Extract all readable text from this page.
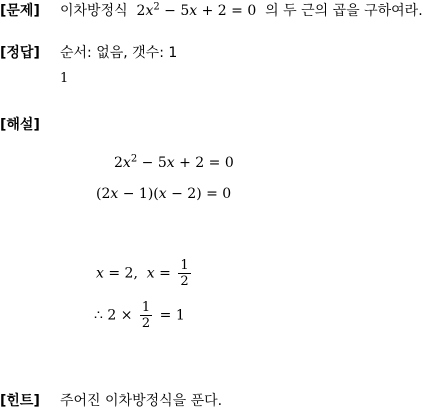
[문제] 이차방정식  $2x^2 - 5x + 2 = 0$  의 두 근의 곱을 구하여라.
[정답] 순서: 없음, 갯수: 1
1
[해설]
$2x^2 - 5x + 2 = 0$
(2x − 1)(x − 2) = 0
x = 2,  $x = \frac{1}{2}$
∴ $2 \times \frac{1}{2} = 1$
[힌트] 주어진 이차방정식을 푼다.
